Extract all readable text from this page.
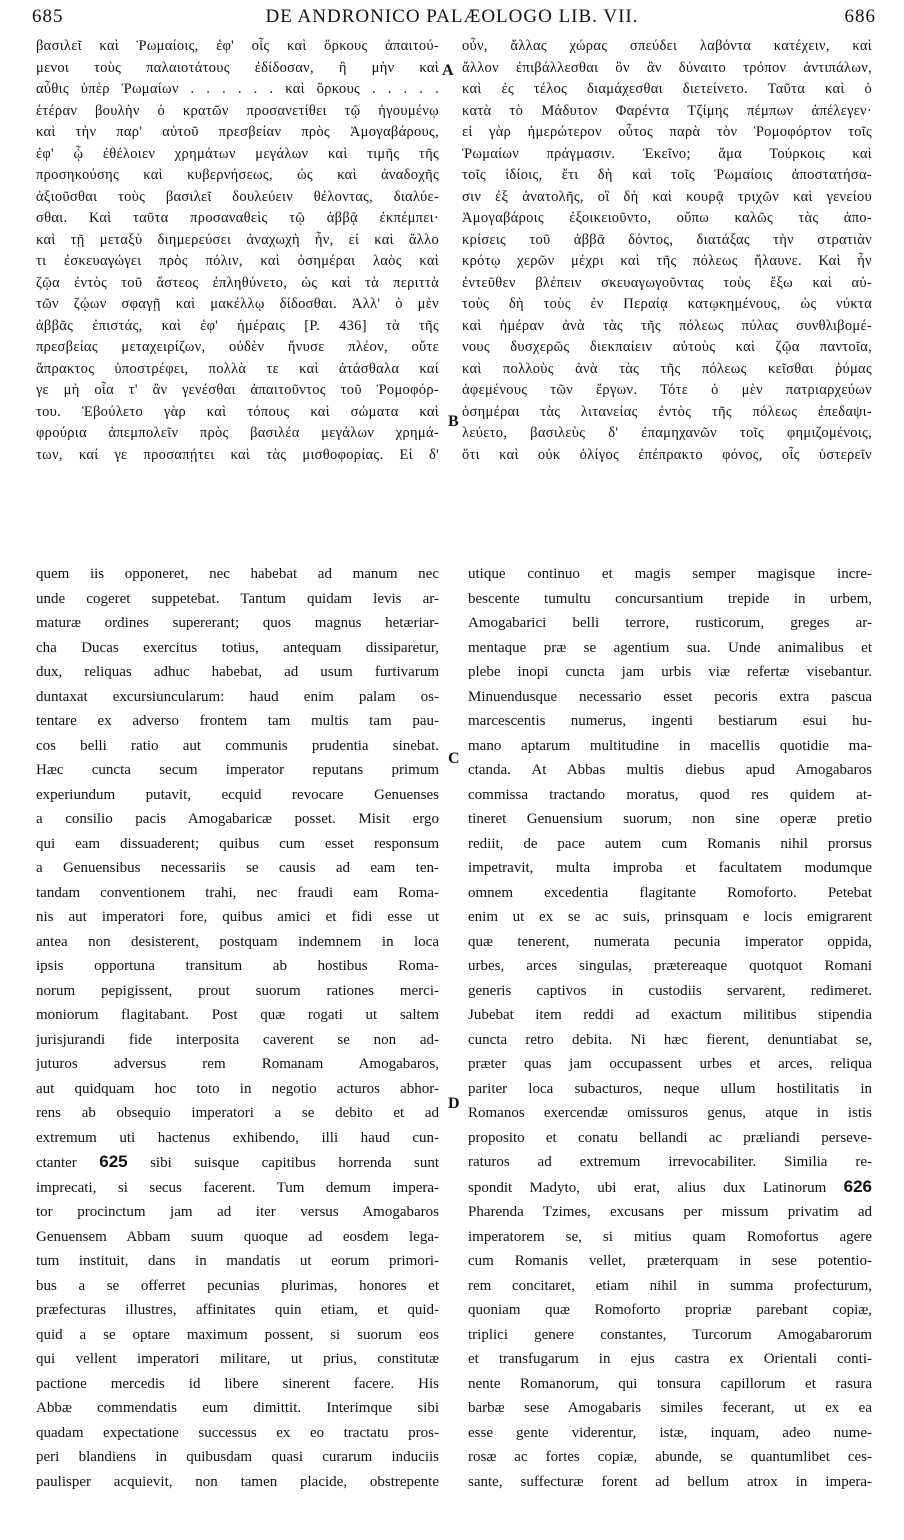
685	DE ANDRONICO PALÆOLOGO LIB. VII.	686
βασιλεῖ καὶ Ῥωμαίοις, ἐφ' οἷς καὶ ὅρκους ἀπαιτού-
μενοι τοὺς παλαιοτάτους ἐδίδοσαν, ἢ μὴν καὶ
αὖθις ὑπὲρ Ῥωμαίων . . . . . . καὶ ὅρκους . . . . .
ἑτέραν βουλὴν ὁ κρατῶν προσανετίθει τῷ ἡγουμένῳ
καὶ τὴν παρ' αὐτοῦ πρεσβείαν πρὸς Ἀμογαβάρους,
ἐφ' ᾧ ἐθέλοιεν χρημάτων μεγάλων καὶ τιμῆς τῆς
προσηκούσης καὶ κυβερνήσεως, ὡς καὶ ἀναδοχῆς
ἀξιοῦσθαι τοὺς βασιλεῖ δουλεύειν θέλοντας, διαλύε-
σθαι. Καὶ ταῦτα προσαναθεὶς τῷ ἀββᾷ ἐκπέμπει·
καὶ τῇ μεταξὺ διημερεύσει ἀναχωχὴ ἦν, εἰ καὶ ἄλλο
τι ἐσκευαγώγει πρὸς πόλιν, καὶ ὁσημέραι λαὸς καὶ
ζῷα ἐντὸς τοῦ ἄστεος ἐπληθύνετο, ὡς καὶ τὰ περιττὰ
τῶν ζῴων σφαγῇ καὶ μακέλλῳ δίδοσθαι. Ἀλλ' ὁ μὲν
ἀββᾶς ἐπιστάς, καὶ ἐφ' ἡμέραις [P. 436] τὰ τῆς
πρεσβείας μεταχειρίζων, οὐδὲν ἤνυσε πλέον, οὔτε
ἄπρακτος ὑποστρέφει, πολλὰ τε καὶ ἀτάσθαλα καί
γε μὴ οἷα τ' ἂν γενέσθαι ἀπαιτοῦντος τοῦ Ῥομοφόρ-
του. Ἐβούλετο γὰρ καὶ τόπους καὶ σώματα καὶ
φρούρια ἀπεμπολεῖν πρὸς βασιλέα μεγάλων χρημά-
των, καί γε προσαπῄτει καὶ τὰς μισθοφορίας. Εἰ δ'
οὖν, ἄλλας χώρας σπεύδει λαβόντα κατέχειν, καὶ
ἄλλον ἐπιβάλλεσθαι ὃν ἂν δύναιτο τρόπον ἀντιπάλων,
καὶ ἐς τέλος διαμάχεσθαι διετείνετο. Ταῦτα καὶ ὁ
κατὰ τὸ Μάδυτον Φαρέντα Τζίμης πέμπων ἀπέλεγεν·
εἰ γὰρ ἡμερώτερον οὗτος παρὰ τὸν Ῥομοφόρτον τοῖς
Ῥωμαίων πράγμασιν. Ἐκεῖνο; ἅμα Τούρκοις καὶ
τοῖς ἰδίοις, ἔτι δὴ καὶ τοῖς Ῥωμαίοις ἀποστατήσα-
σιν ἐξ ἀνατολῆς, οἳ δὴ καὶ κουρᾷ τριχῶν καὶ γενείου
Ἀμογαβάροις ἐξοικειοῦντο, οὔπω καλῶς τὰς ἀπο-
κρίσεις τοῦ ἀββᾶ δόντος, διατάξας τὴν στρατιὰν
κρότῳ χερῶν μέχρι καὶ τῆς πόλεως ἤλαυνε. Καὶ ἦν
ἐντεῦθεν βλέπειν σκευαγωγοῦντας τοὺς ἔξω καὶ αὐ-
τοὺς δὴ τοὺς ἐν Περαίᾳ κατῳκημένους, ὡς νύκτα
καὶ ἡμέραν ἀνὰ τὰς τῆς πόλεως πύλας συνθλιβομέ-
νους δυσχερῶς διεκπαίειν αὐτοὺς καὶ ζῷα παντοῖα,
καὶ πολλοὺς ἀνὰ τὰς τῆς πόλεως κεῖσθαι ῥύμας
ἀφεμένους τῶν ἔργων. Τότε ὁ μὲν πατριαρχεύων
ὁσημέραι τὰς λιτανείας ἐντὸς τῆς πόλεως ἐπεδαψι-
λεύετο, βασιλεὺς δ' ἐπαμηχανῶν τοῖς φημιζομένοις,
ὅτι καὶ οὐκ ὀλίγος ἐπέπρακτο φόνος, οἷς ὑστερεῖν
quem iis opponeret, nec habebat ad manum nec
unde cogeret suppetebat. Tantum quidam levis ar-
maturæ ordines supererant; quos magnus hetæriar-
cha Ducas exercitus totius, antequam dissiparetur,
dux, reliquas adhuc habebat, ad usum furtivarum
duntaxat excursiuncularum: haud enim palam os-
tentare ex adverso frontem tam multis tam pau-
cos belli ratio aut communis prudentia sinebat.
Hæc cuncta secum imperator reputans primum
experiundum putavit, ecquid revocare Genuenses
a consilio pacis Amogabaricæ posset. Misit ergo
qui eam dissuaderent; quibus cum esset responsum
a Genuensibus necessariis se causis ad eam ten-
tandam conventionem trahi, nec fraudi eam Roma-
nis aut imperatori fore, quibus amici et fidi esse ut
antea non desisterent, postquam indemnem in loca
ipsis opportuna transitum ab hostibus Roma-
norum pepigissent, prout suorum rationes merci-
moniorum flagitabant. Post quæ rogati ut saltem
jurisjurandi fide interposita caverent se non ad-
juturos adversus rem Romanam Amogabaros,
aut quidquam hoc toto in negotio acturos abhor-
rens ab obsequio imperatori a se debito et ad
extremum uti hactenus exhibendo, illi haud cun-
ctanter 625 sibi suisque capitibus horrenda sunt
imprecati, si secus facerent. Tum demum impera-
tor procinctum jam ad iter versus Amogabaros
Genuensem Abbam suum quoque ad eosdem lega-
tum instituit, dans in mandatis ut eorum primori-
bus a se offerret pecunias plurimas, honores et
præfecturas illustres, affinitates quin etiam, et quid-
quid a se optare maximum possent, si suorum eos
qui vellent imperatori militare, ut prius, constitutæ
pactione mercedis id libere sinerent facere. His
Abbæ commendatis eum dimittit. Interimque sibi
quadam expectatione successus ex eo tractatu pros-
peri blandiens in quibusdam quasi curarum induciis
paulisper acquievit, non tamen placide, obstrepente
utique continuo et magis semper magisque incre-
bescente tumultu concursantium trepide in urbem,
Amogabarici belli terrore, rusticorum, greges ar-
mentaque præ se agentium sua. Unde animalibus et
plebe inopi cuncta jam urbis viæ refertæ visebantur.
Minuendusque necessario esset pecoris extra pascua
marcescentis numerus, ingenti bestiarum esui hu-
mano aptarum multitudine in macellis quotidie ma-
ctanda. At Abbas multis diebus apud Amogabaros
commissa tractando moratus, quod res quidem at-
tineret Genuensium suorum, non sine operæ pretio
rediit, de pace autem cum Romanis nihil prorsus
impetravit, multa improba et facultatem modumque
omnem excedentia flagitante Romoforto. Petebat
enim ut ex se ac suis, prinsquam e locis emigrarent
quæ tenerent, numerata pecunia imperator oppida,
urbes, arces singulas, prætereaque quotquot Romani
generis captivos in custodiis servarent, redimeret.
Jubebat item reddi ad exactum militibus stipendia
cuncta retro debita. Ni hæc fierent, denuntiabat se,
præter quas jam occupassent urbes et arces, reliqua
pariter loca subacturos, neque ullum hostilitatis in
Romanos exercendæ omissuros genus, atque in istis
proposito et conatu bellandi ac præliandi perseve-
raturos ad extremum irrevocabiliter. Similia re-
spondit Madyto, ubi erat, alius dux Latinorum 626
Pharenda Tzimes, excusans per missum privatim ad
imperatorem se, si mitius quam Romofortus agere
cum Romanis vellet, præterquam in sese potentio-
rem concitaret, etiam nihil in summa profecturum,
quoniam quæ Romoforto propriæ parebant copiæ,
triplici genere constantes, Turcorum Amogabarorum
et transfugarum in ejus castra ex Orientali conti-
nente Romanorum, qui tonsura capillorum et rasura
barbæ sese Amogabaris similes fecerant, ut ex ea
esse gente viderentur, istæ, inquam, adeo nume-
rosæ ac fortes copiæ, abunde, se quantumlibet ces-
sante, suffecturæ forent ad bellum atrox in impera-
A
B
C
D
